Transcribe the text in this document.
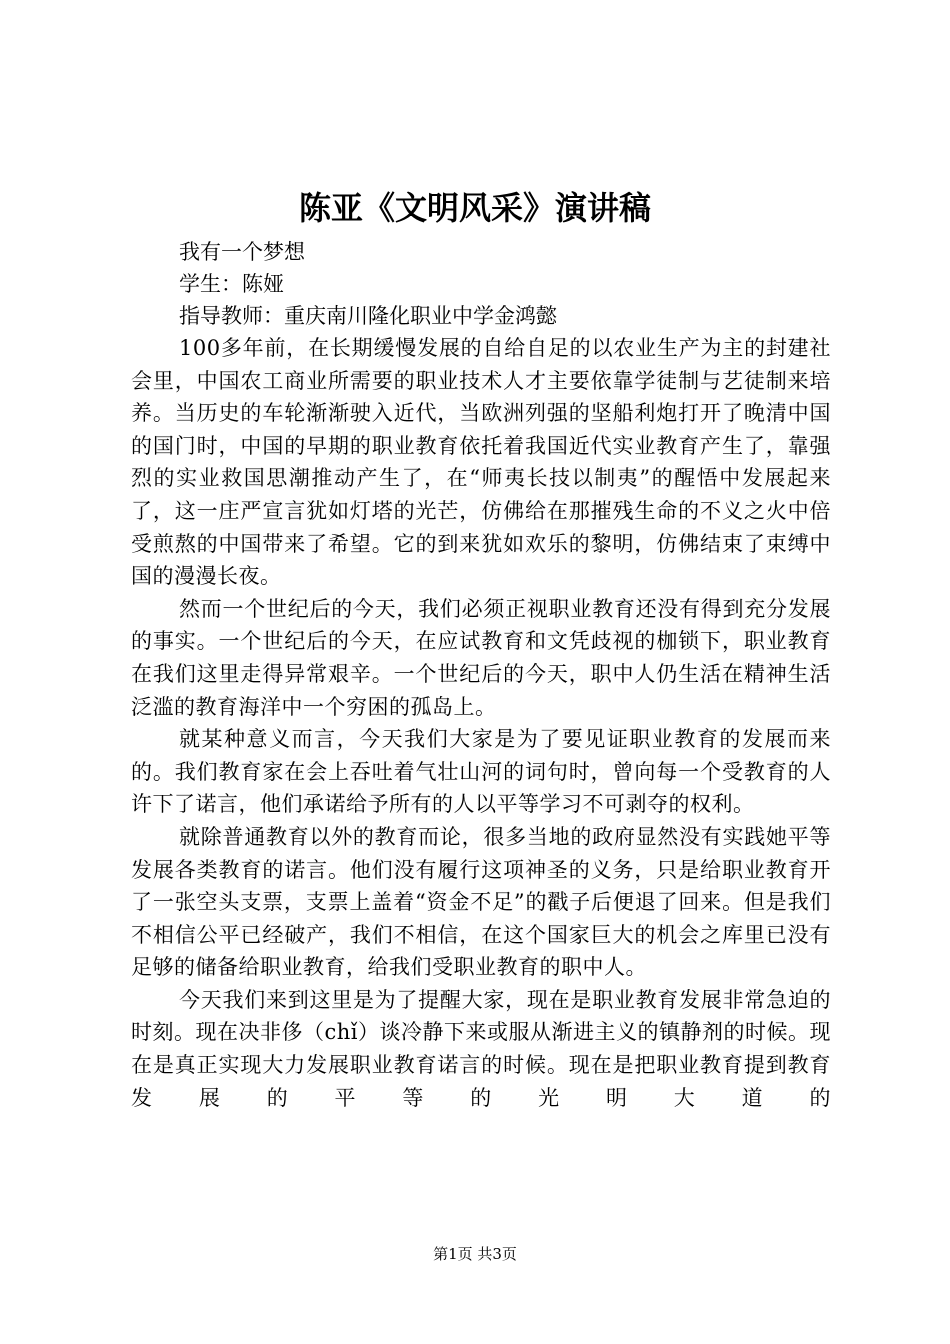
陈亚《文明风采》演讲稿
我有一个梦想
学生：陈娅
指导教师：重庆南川隆化职业中学金鸿懿

100多年前，在长期缓慢发展的自给自足的以农业生产为主的封建社会里，中国农工商业所需要的职业技术人才主要依靠学徒制与艺徒制来培养。当历史的车轮渐渐驶入近代，当欧洲列强的坚船利炮打开了晚清中国的国门时，中国的早期的职业教育依托着我国近代实业教育产生了，靠强烈的实业救国思潮推动产生了，在“师夷长技以制夷”的醒悟中发展起来了，这一庄严宣言犹如灯塔的光芒，仿佛给在那摧残生命的不义之火中倍受煎熬的中国带来了希望。它的到来犹如欢乐的黎明，仿佛结束了束缚中国的漫漫长夜。

然而一个世纪后的今天，我们必须正视职业教育还没有得到充分发展的事实。一个世纪后的今天，在应试教育和文凭歧视的枷锁下，职业教育在我们这里走得异常艰辛。一个世纪后的今天，职中人仍生活在精神生活泛滥的教育海洋中一个穷困的孤岛上。

就某种意义而言，今天我们大家是为了要见证职业教育的发展而来的。我们教育家在会上吞吐着气壮山河的词句时，曾向每一个受教育的人许下了诺言，他们承诺给予所有的人以平等学习不可剥夺的权利。

就除普通教育以外的教育而论，很多当地的政府显然没有实践她平等发展各类教育的诺言。他们没有履行这项神圣的义务，只是给职业教育开了一张空头支票，支票上盖着“资金不足”的戳子后便退了回来。但是我们不相信公平已经破产，我们不相信，在这个国家巨大的机会之库里已没有足够的储备给职业教育，给我们受职业教育的职中人。

今天我们来到这里是为了提醒大家，现在是职业教育发展非常急迫的时刻。现在决非侈（chǐ）谈冷静下来或服从渐进主义的镇静剂的时候。现在是真正实现大力发展职业教育诺言的时候。现在是把职业教育提到教育发展的平等的光明大道的

第1页 共3页
